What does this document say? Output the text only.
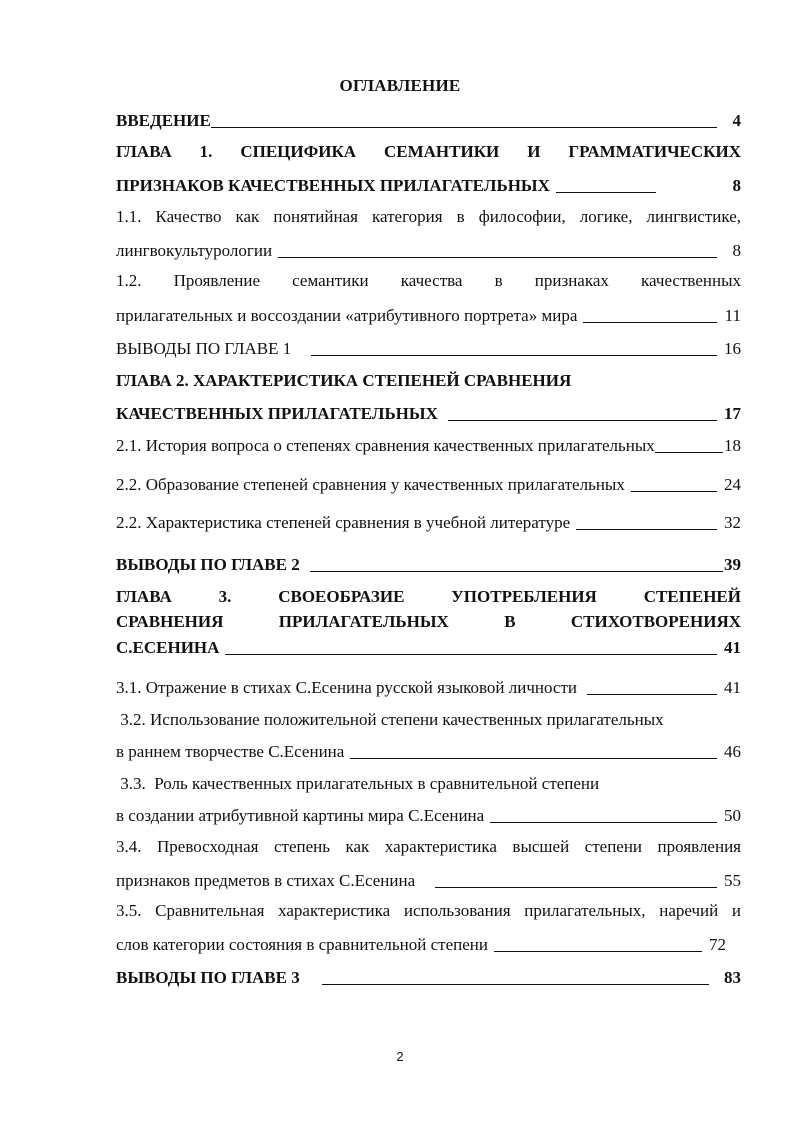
ОГЛАВЛЕНИЕ
ВВЕДЕНИЕ	4
ГЛАВА 1. СПЕЦИФИКА СЕМАНТИКИ И ГРАММАТИЧЕСКИХ
ПРИЗНАКОВ КАЧЕСТВЕННЫХ ПРИЛАГАТЕЛЬНЫХ	8
1.1. Качество как понятийная категория в философии, логике, лингвистике,
лингвокультурологии	8
1.2. Проявление семантики качества в признаках качественных
прилагательных и воссоздании «атрибутивного портрета» мира	11
ВЫВОДЫ ПО ГЛАВЕ 1	16
ГЛАВА 2. ХАРАКТЕРИСТИКА СТЕПЕНЕЙ СРАВНЕНИЯ
КАЧЕСТВЕННЫХ ПРИЛАГАТЕЛЬНЫХ	17
2.1. История вопроса о степенях сравнения качественных прилагательных	18
2.2. Образование степеней сравнения у качественных прилагательных	24
2.2. Характеристика степеней сравнения в учебной литературе	32
ВЫВОДЫ ПО ГЛАВЕ 2	39
ГЛАВА 3. СВОЕОБРАЗИЕ УПОТРЕБЛЕНИЯ СТЕПЕНЕЙ
СРАВНЕНИЯ ПРИЛАГАТЕЛЬНЫХ В СТИХОТВОРЕНИЯХ
С.ЕСЕНИНА	41
3.1. Отражение в стихах С.Есенина русской языковой личности	41
3.2. Использование положительной степени качественных прилагательных
в раннем творчестве С.Есенина	46
3.3.  Роль качественных прилагательных в сравнительной степени
в создании атрибутивной картины мира С.Есенина	50
3.4. Превосходная степень как характеристика высшей степени проявления
признаков предметов в стихах С.Есенина	55
3.5. Сравнительная характеристика использования прилагательных, наречий и
слов категории состояния в сравнительной степени	72
ВЫВОДЫ ПО ГЛАВЕ 3	83
2
